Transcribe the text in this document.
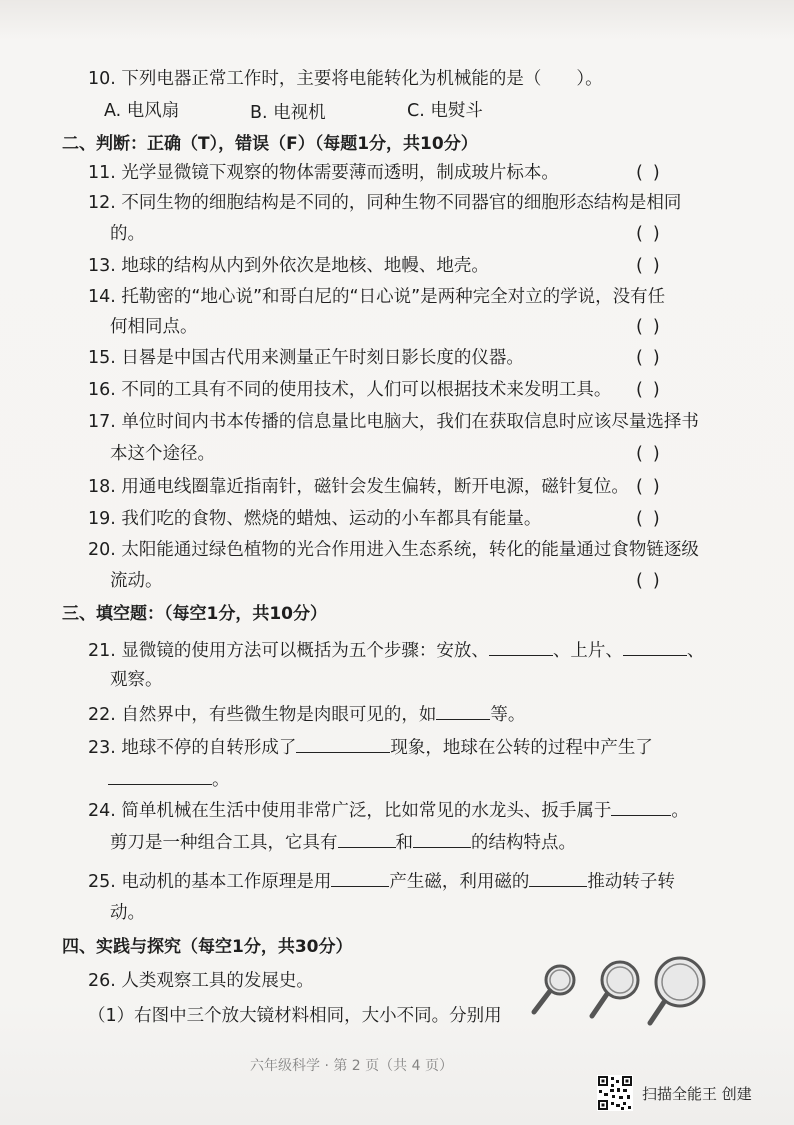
10. 下列电器正常工作时，主要将电能转化为机械能的是（　　）。
A. 电风扇	B. 电视机	C. 电熨斗
二、判断：正确（T），错误（F）（每题1分，共10分）
11. 光学显微镜下观察的物体需要薄而透明，制成玻片标本。	()
12. 不同生物的细胞结构是不同的，同种生物不同器官的细胞形态结构是相同
的。	()
13. 地球的结构从内到外依次是地核、地幔、地壳。	()
14. 托勒密的“地心说”和哥白尼的“日心说”是两种完全对立的学说，没有任
何相同点。	()
15. 日晷是中国古代用来测量正午时刻日影长度的仪器。	()
16. 不同的工具有不同的使用技术，人们可以根据技术来发明工具。 ()
17. 单位时间内书本传播的信息量比电脑大，我们在获取信息时应该尽量选择书
本这个途径。	()
18. 用通电线圈靠近指南针，磁针会发生偏转，断开电源，磁针复位。 ()
19. 我们吃的食物、燃烧的蜡烛、运动的小车都具有能量。	()
20. 太阳能通过绿色植物的光合作用进入生态系统，转化的能量通过食物链逐级
流动。	()
三、填空题：（每空1分，共10分）
21. 显微镜的使用方法可以概括为五个步骤：安放、	、上片、	、
观察。
22. 自然界中，有些微生物是肉眼可见的，如	等。
23. 地球不停的自转形成了	现象，地球在公转的过程中产生了
。
24. 简单机械在生活中使用非常广泛，比如常见的水龙头、扳手属于	。
剪刀是一种组合工具，它具有	和	的结构特点。
25. 电动机的基本工作原理是用	产生磁，利用磁的	推动转子转
动。
四、实践与探究（每空1分，共30分）
26. 人类观察工具的发展史。
（1）右图中三个放大镜材料相同，大小不同。分别用
六年级科学 · 第 2 页（共 4 页）
扫描全能王 创建
